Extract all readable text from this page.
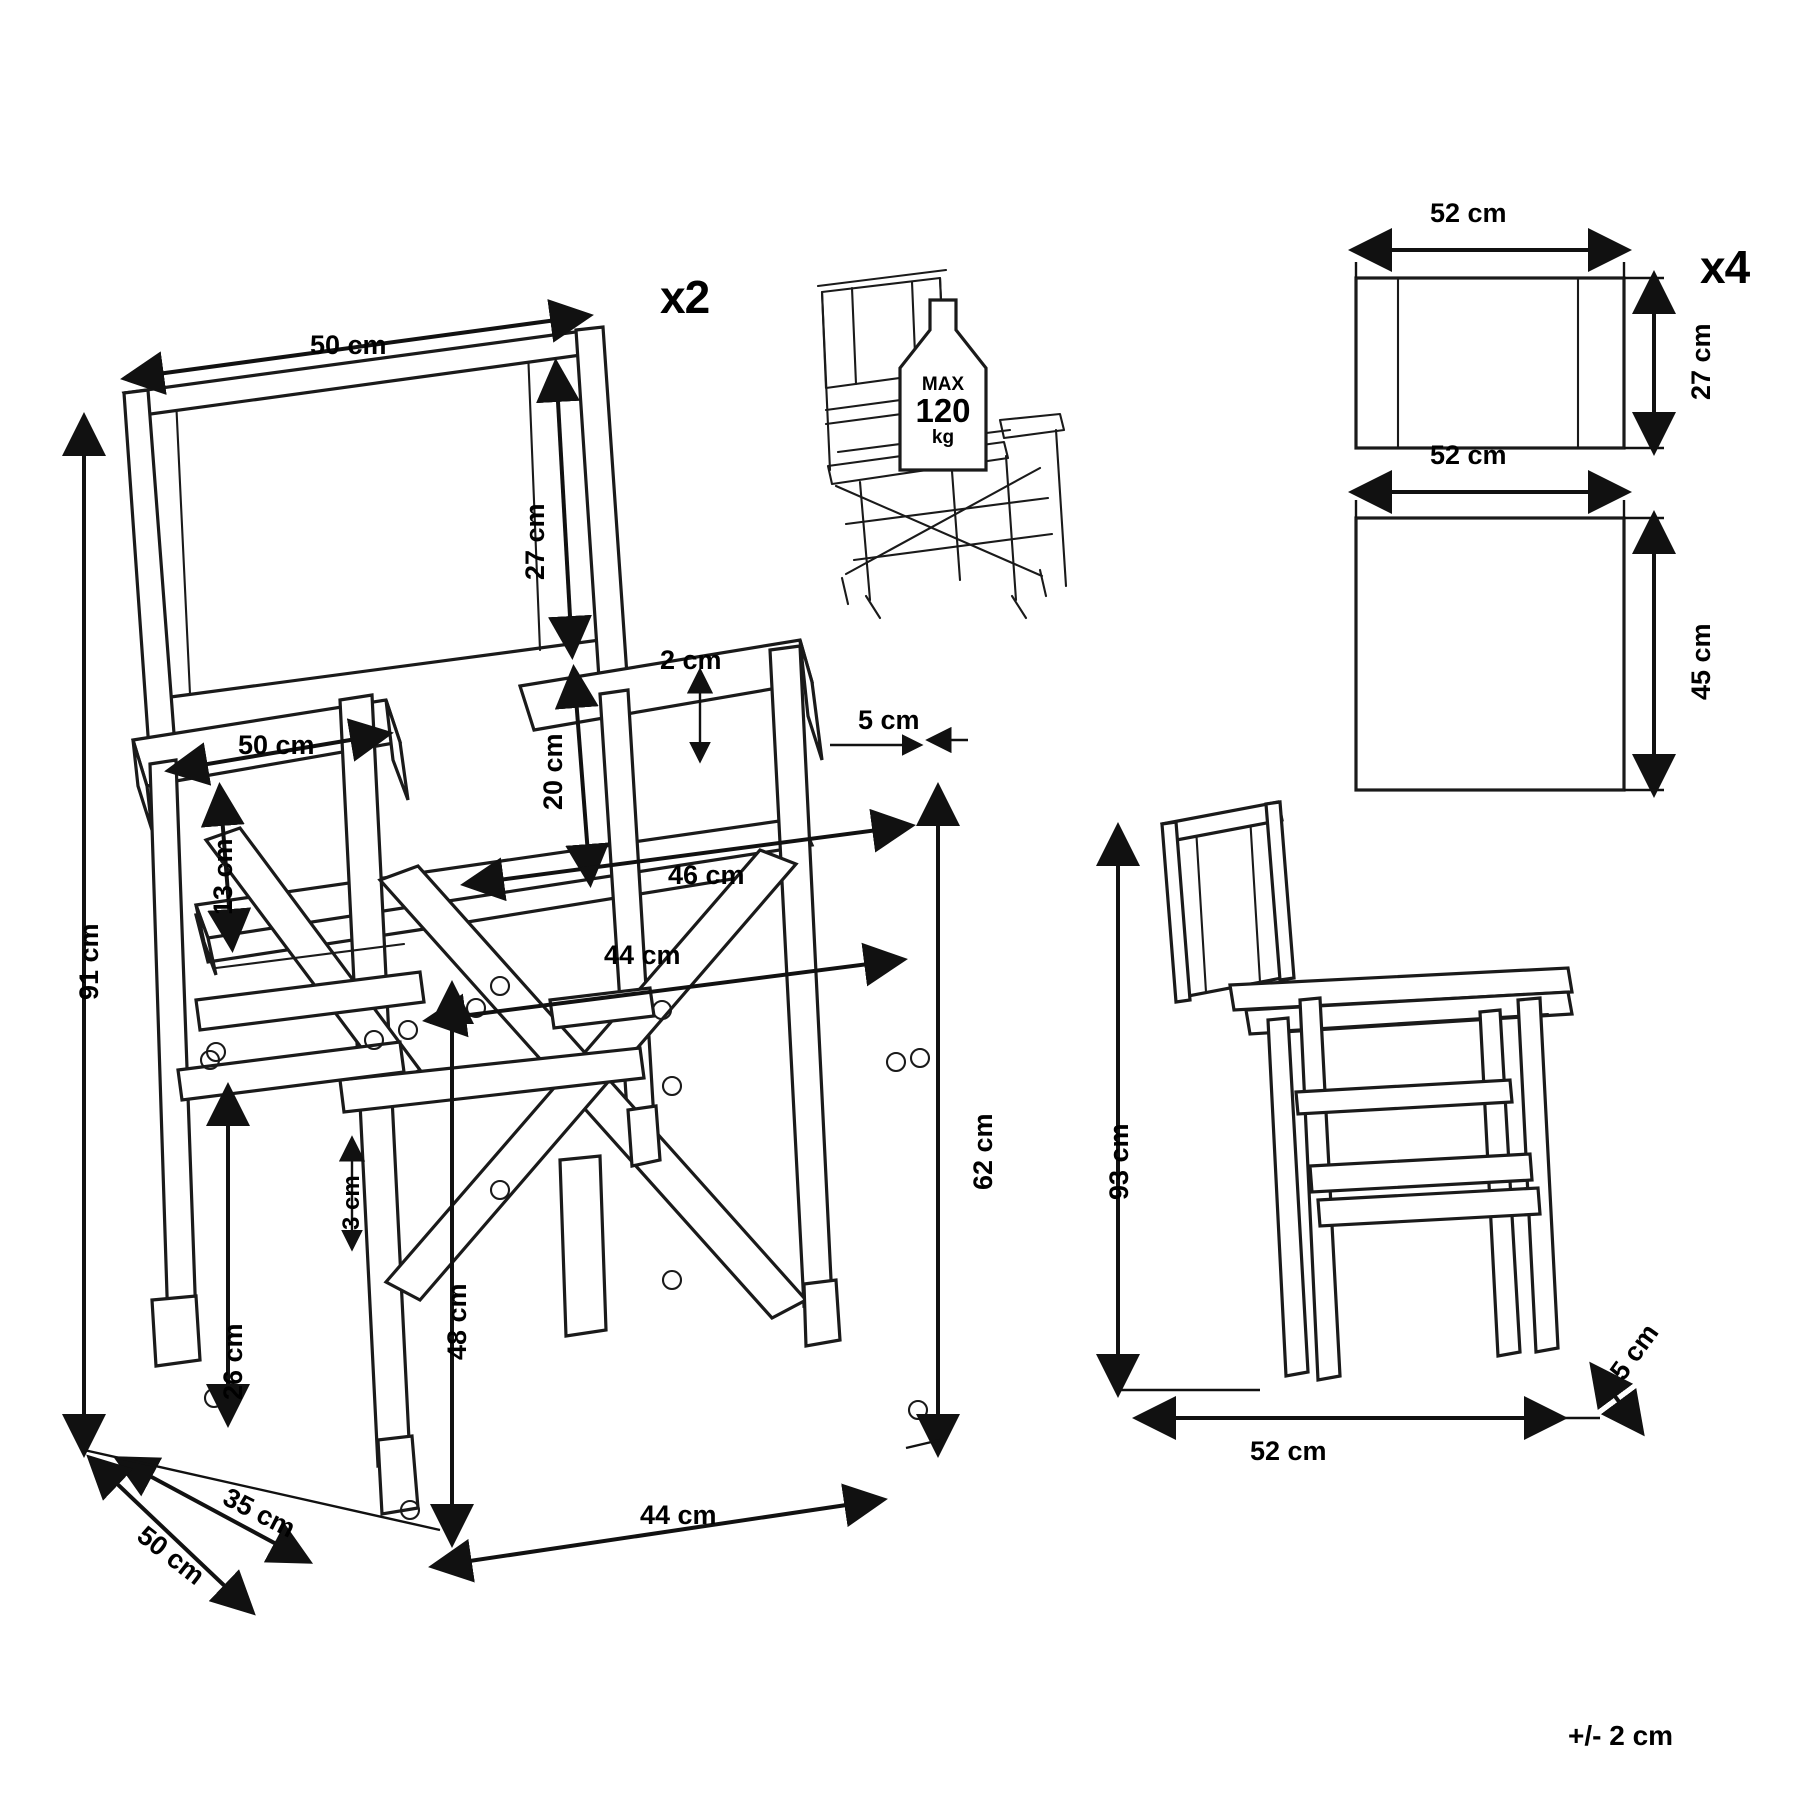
x2
x4
MAX
120
kg
50 cm
27 cm
50 cm	20 cm
2 cm
5 cm
46 cm
44 cm
13 cm
91 cm
62 cm
48 cm
3 cm
26 cm
35 cm
50 cm
44 cm
52 cm
27 cm
52 cm
45 cm
93 cm
52 cm
5 cm
+/- 2 cm
